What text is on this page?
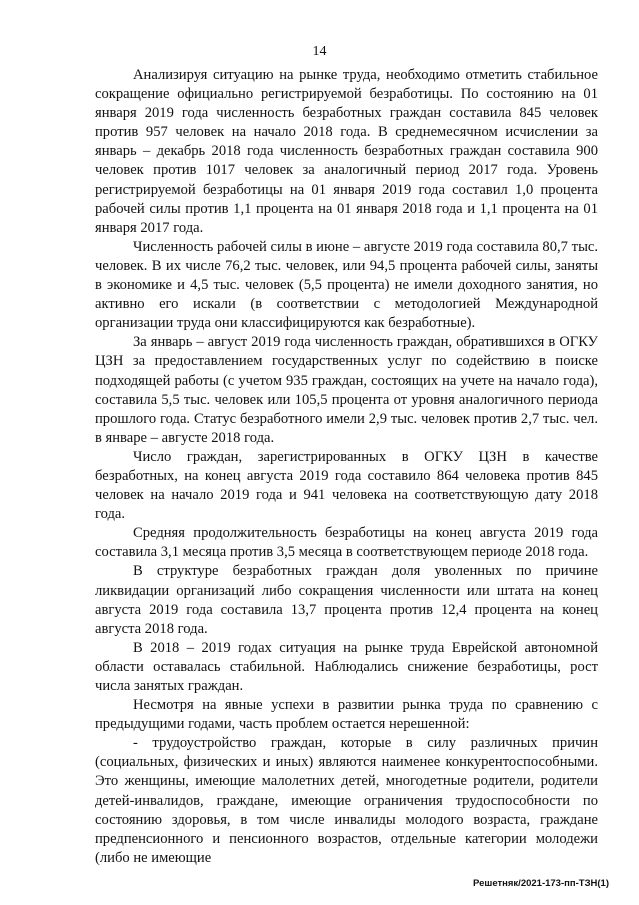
14

Анализируя ситуацию на рынке труда, необходимо отметить стабильное сокращение официально регистрируемой безработицы. По состоянию на 01 января 2019 года численность безработных граждан составила 845 человек против 957 человек на начало 2018 года. В среднемесячном исчислении за январь – декабрь 2018 года численность безработных граждан составила 900 человек против 1017 человек за аналогичный период 2017 года. Уровень регистрируемой безработицы на 01 января 2019 года составил 1,0 процента рабочей силы против 1,1 процента на 01 января 2018 года и 1,1 процента на 01 января 2017 года.

Численность рабочей силы в июне – августе 2019 года составила 80,7 тыс. человек. В их числе 76,2 тыс. человек, или 94,5 процента рабочей силы, заняты в экономике и 4,5 тыс. человек (5,5 процента) не имели доходного занятия, но активно его искали (в соответствии с методологией Международной организации труда они классифицируются как безработные).

За январь – август 2019 года численность граждан, обратившихся в ОГКУ ЦЗН за предоставлением государственных услуг по содействию в поиске подходящей работы (с учетом 935 граждан, состоящих на учете на начало года), составила 5,5 тыс. человек или 105,5 процента от уровня аналогичного периода прошлого года. Статус безработного имели 2,9 тыс. человек против 2,7 тыс. чел. в январе – августе 2018 года.

Число граждан, зарегистрированных в ОГКУ ЦЗН в качестве безработных, на конец августа 2019 года составило 864 человека против 845 человек на начало 2019 года и 941 человека на соответствующую дату 2018 года.

Средняя продолжительность безработицы на конец августа 2019 года составила 3,1 месяца против 3,5 месяца в соответствующем периоде 2018 года.

В структуре безработных граждан доля уволенных по причине ликвидации организаций либо сокращения численности или штата на конец августа 2019 года составила 13,7 процента против 12,4 процента на конец августа 2018 года.

В 2018 – 2019 годах ситуация на рынке труда Еврейской автономной области оставалась стабильной. Наблюдались снижение безработицы, рост числа занятых граждан.

Несмотря на явные успехи в развитии рынка труда по сравнению с предыдущими годами, часть проблем остается нерешенной:

- трудоустройство граждан, которые в силу различных причин (социальных, физических и иных) являются наименее конкурентоспособными. Это женщины, имеющие малолетних детей, многодетные родители, родители детей-инвалидов, граждане, имеющие ограничения трудоспособности по состоянию здоровья, в том числе инвалиды молодого возраста, граждане предпенсионного и пенсионного возрастов, отдельные категории молодежи (либо не имеющие

Решетняк/2021-173-пп-ТЗН(1)
